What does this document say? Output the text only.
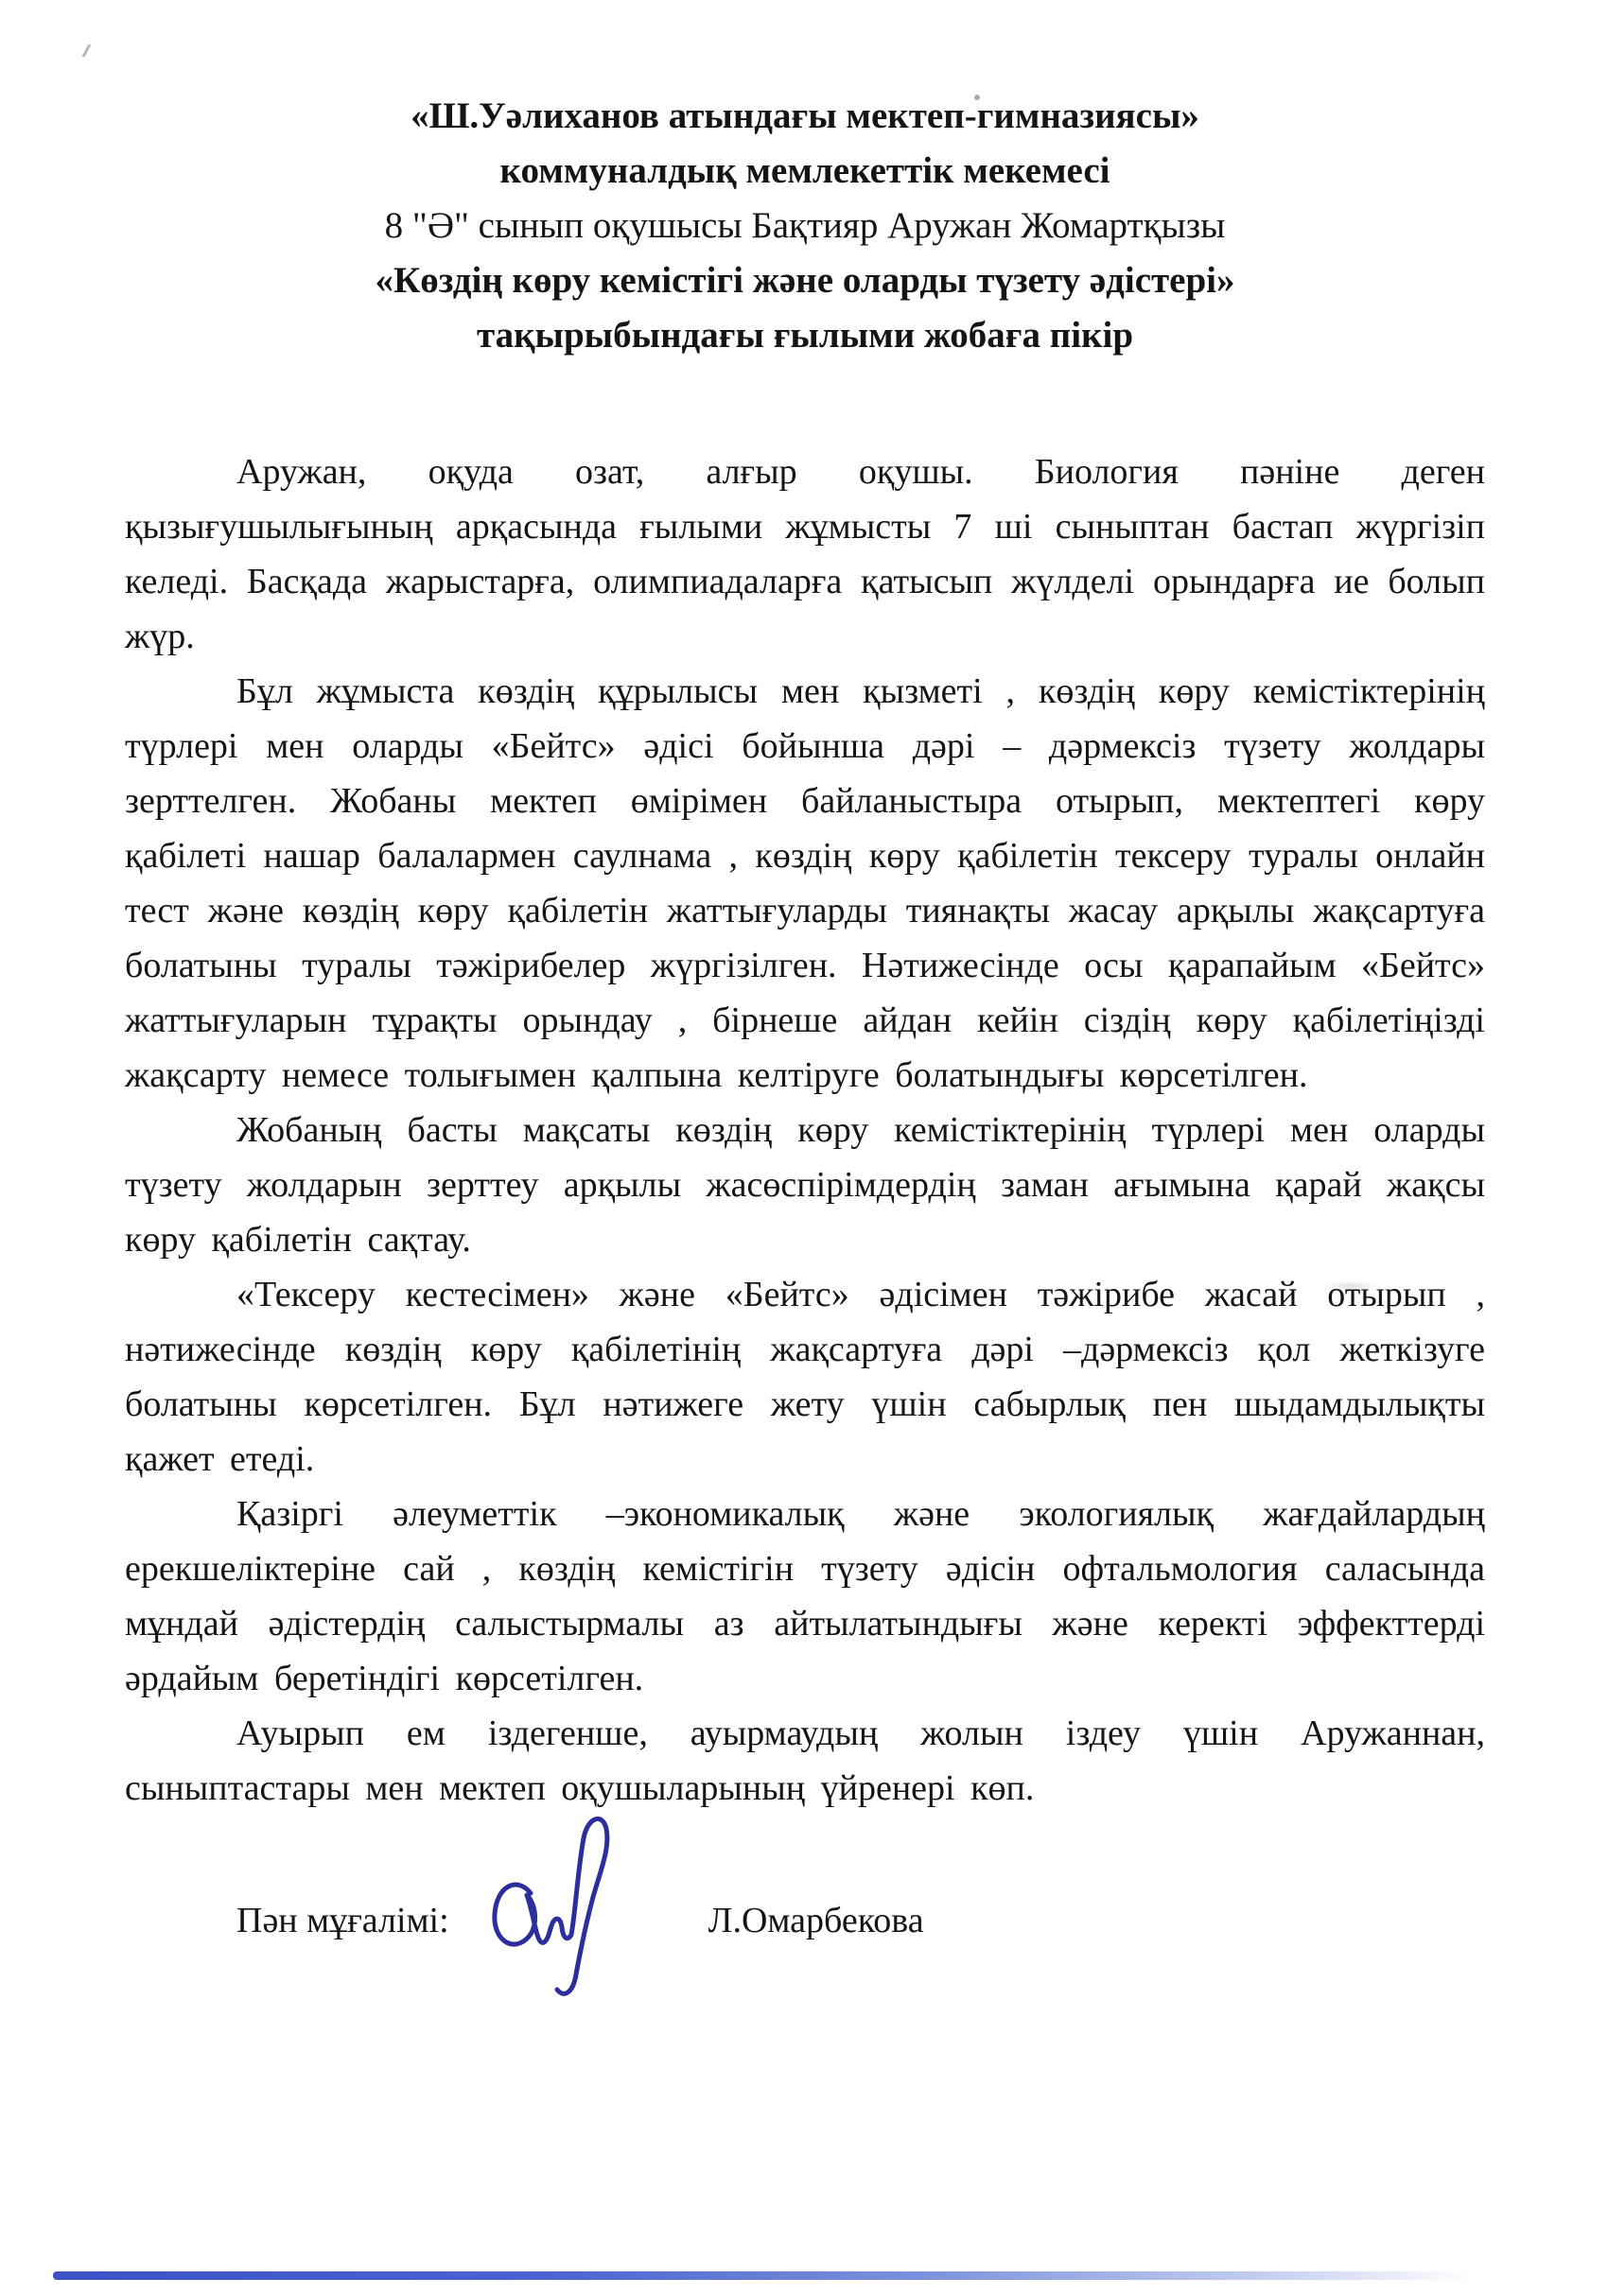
«Ш.Уәлиханов атындағы мектеп-гимназиясы»
коммуналдық мемлекеттік мекемесі
8 "Ә" сынып оқушысы Бақтияр Аружан Жомартқызы
«Көздің көру кемістігі және оларды түзету әдістері»
тақырыбындағы ғылыми жобаға пікір

Аружан, оқуда озат, алғыр оқушы. Биология пәніне деген қызығушылығының арқасында ғылыми жұмысты 7 ші сыныптан бастап жүргізіп келеді. Басқада жарыстарға, олимпиадаларға қатысып жүлделі орындарға ие болып жүр.

Бұл жұмыста көздің құрылысы мен қызметі , көздің көру кемістіктерінің түрлері мен оларды «Бейтс» әдісі бойынша дәрі – дәрмексіз түзету жолдары зерттелген. Жобаны мектеп өмірімен байланыстыра отырып, мектептегі көру қабілеті нашар балалармен саулнама , көздің көру қабілетін тексеру туралы онлайн тест және көздің көру қабілетін жаттығуларды тиянақты жасау арқылы жақсартуға болатыны туралы тәжірибелер жүргізілген. Нәтижесінде осы қарапайым «Бейтс» жаттығуларын тұрақты орындау , бірнеше айдан кейін сіздің көру қабілетіңізді жақсарту немесе толығымен қалпына келтіруге болатындығы көрсетілген.

Жобаның басты мақсаты көздің көру кемістіктерінің түрлері мен оларды түзету жолдарын зерттеу арқылы жасөспірімдердің заман ағымына қарай жақсы көру қабілетін сақтау.

«Тексеру кестесімен» және «Бейтс» әдісімен тәжірибе жасай отырып , нәтижесінде көздің көру қабілетінің жақсартуға дәрі –дәрмексіз қол жеткізуге болатыны көрсетілген. Бұл нәтижеге жету үшін сабырлық пен шыдамдылықты қажет етеді.

Қазіргі әлеуметтік –экономикалық және экологиялық жағдайлардың ерекшеліктеріне сай , көздің кемістігін түзету әдісін офтальмология саласында мұндай әдістердің салыстырмалы аз айтылатындығы және керекті эффекттерді әрдайым беретіндігі көрсетілген.

Ауырып ем іздегенше, ауырмаудың жолын іздеу үшін Аружаннан, сыныптастары мен мектеп оқушыларының үйренері көп.

Пән мұғалімі:	Л.Омарбекова
